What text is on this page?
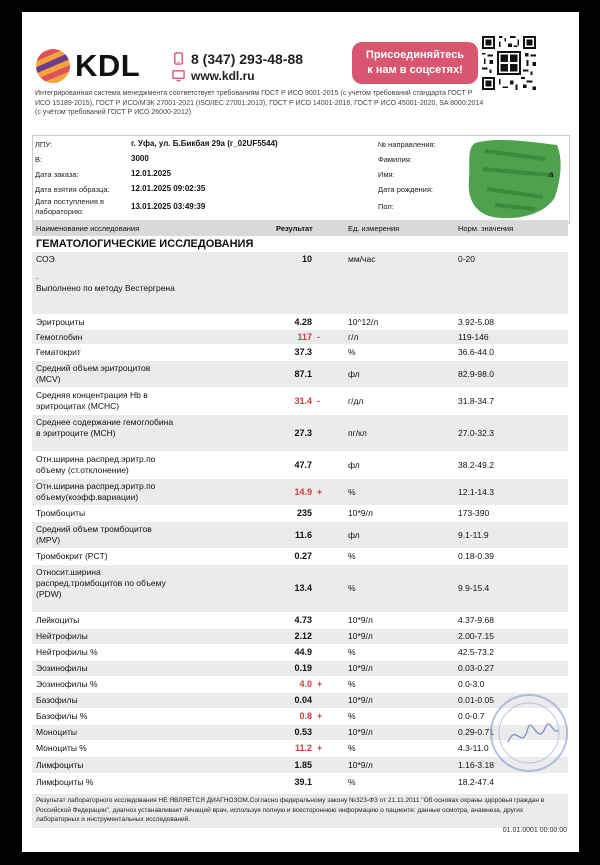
KDL	8 (347) 293-48-88
www.kdl.ru
Присоединяйтесь
к нам в соцсетях!
Интегрированная система менеджмента соответствует требованиям ГОСТ Р ИСО 9001-2015 (с учетом требований стандарта ГОСТ Р ИСО 15189-2015), ГОСТ Р ИСО/МЭК 27001-2021 (ISO/IEC 27001:2013), ГОСТ Р ИСО 14001-2016, ГОСТ Р ИСО 45001-2020, SA 8000:2014 (с учётом требований ГОСТ Р ИСО 26000-2012)
ЛПУ:	г. Уфа, ул. Б.Бикбая 29а (г_02UF5544)
В:	3000
Дата заказа:	12.01.2025
Дата взятия образца:	12.01.2025 09:02:35
Дата поступления в лабораторию:
13.01.2025 03:49:39
№ направления:
Фамилия:
Имя:
Дата рождения:
Пол:
а
Наименование исследования	Результат	Ед. измерения	Норм. значения
ГЕМАТОЛОГИЧЕСКИЕ ИССЛЕДОВАНИЯ
СОЭ	10	мм/час	0-20
.
Выполнено по методу Вестергрена
Эритроциты	4.28	10^12/л	3.92-5.08
Гемоглобин	117 -	г/л	119-146
Гематокрит	37.3	%	36.6-44.0
Средний объем эритроцитов (MCV)
87.1	фл	82.9-98.0
Средняя концентрация Hb в эритроцитах (MCHC)
31.4 -	г/дл	31.8-34.7
Среднее содержание гемоглобина в эритроците (MCH)	27.3	пг/кл	27.0-32.3
Отн.ширина распред.эритр.по объему (ст.отклонение)
47.7	фл	38.2-49.2
Отн.ширина распред.эритр.по объему(коэфф.вариации)
14.9 +	%	12.1-14.3
Тромбоциты	235	10*9/л	173-390
Средний объем тромбоцитов (MPV)
11.6	фл	9.1-11.9
Тромбокрит (PCT)	0.27	%	0.18-0.39
Относит.ширина распред.тромбоцитов по объему (PDW)
13.4	%	9.9-15.4
Лейкоциты	4.73	10*9/л	4.37-9.68
Нейтрофилы	2.12	10*9/л	2.00-7.15
Нейтрофилы %	44.9	%	42.5-73.2
Эозинофилы	0.19	10*9/л	0.03-0.27
Эозинофилы %	4.0 +	%	0.0-3.0
Базофилы	0.04	10*9/л	0.01-0.05
Базофилы %	0.8 +	%	0.0-0.7
Моноциты	0.53	10*9/л	0.29-0.71
Моноциты %	11.2 +	%	4.3-11.0
Лимфоциты	1.85	10*9/л	1.16-3.18
Лимфоциты %	39.1	%	18.2-47.4
Результат лабораторного исследования НЕ ЯВЛЯЕТСЯ ДИАГНОЗОМ.Согласно федеральному закону №323-ФЗ от 21.11.2011 "Об основах охраны здоровья граждан в Российской Федерации", диагноз устанавливает лечащий врач, используя полную и всестороннюю информацию о пациенте: данные осмотра, анамнеза, других лабораторных и инструментальных исследований.
01.01.0001 00:00:00
